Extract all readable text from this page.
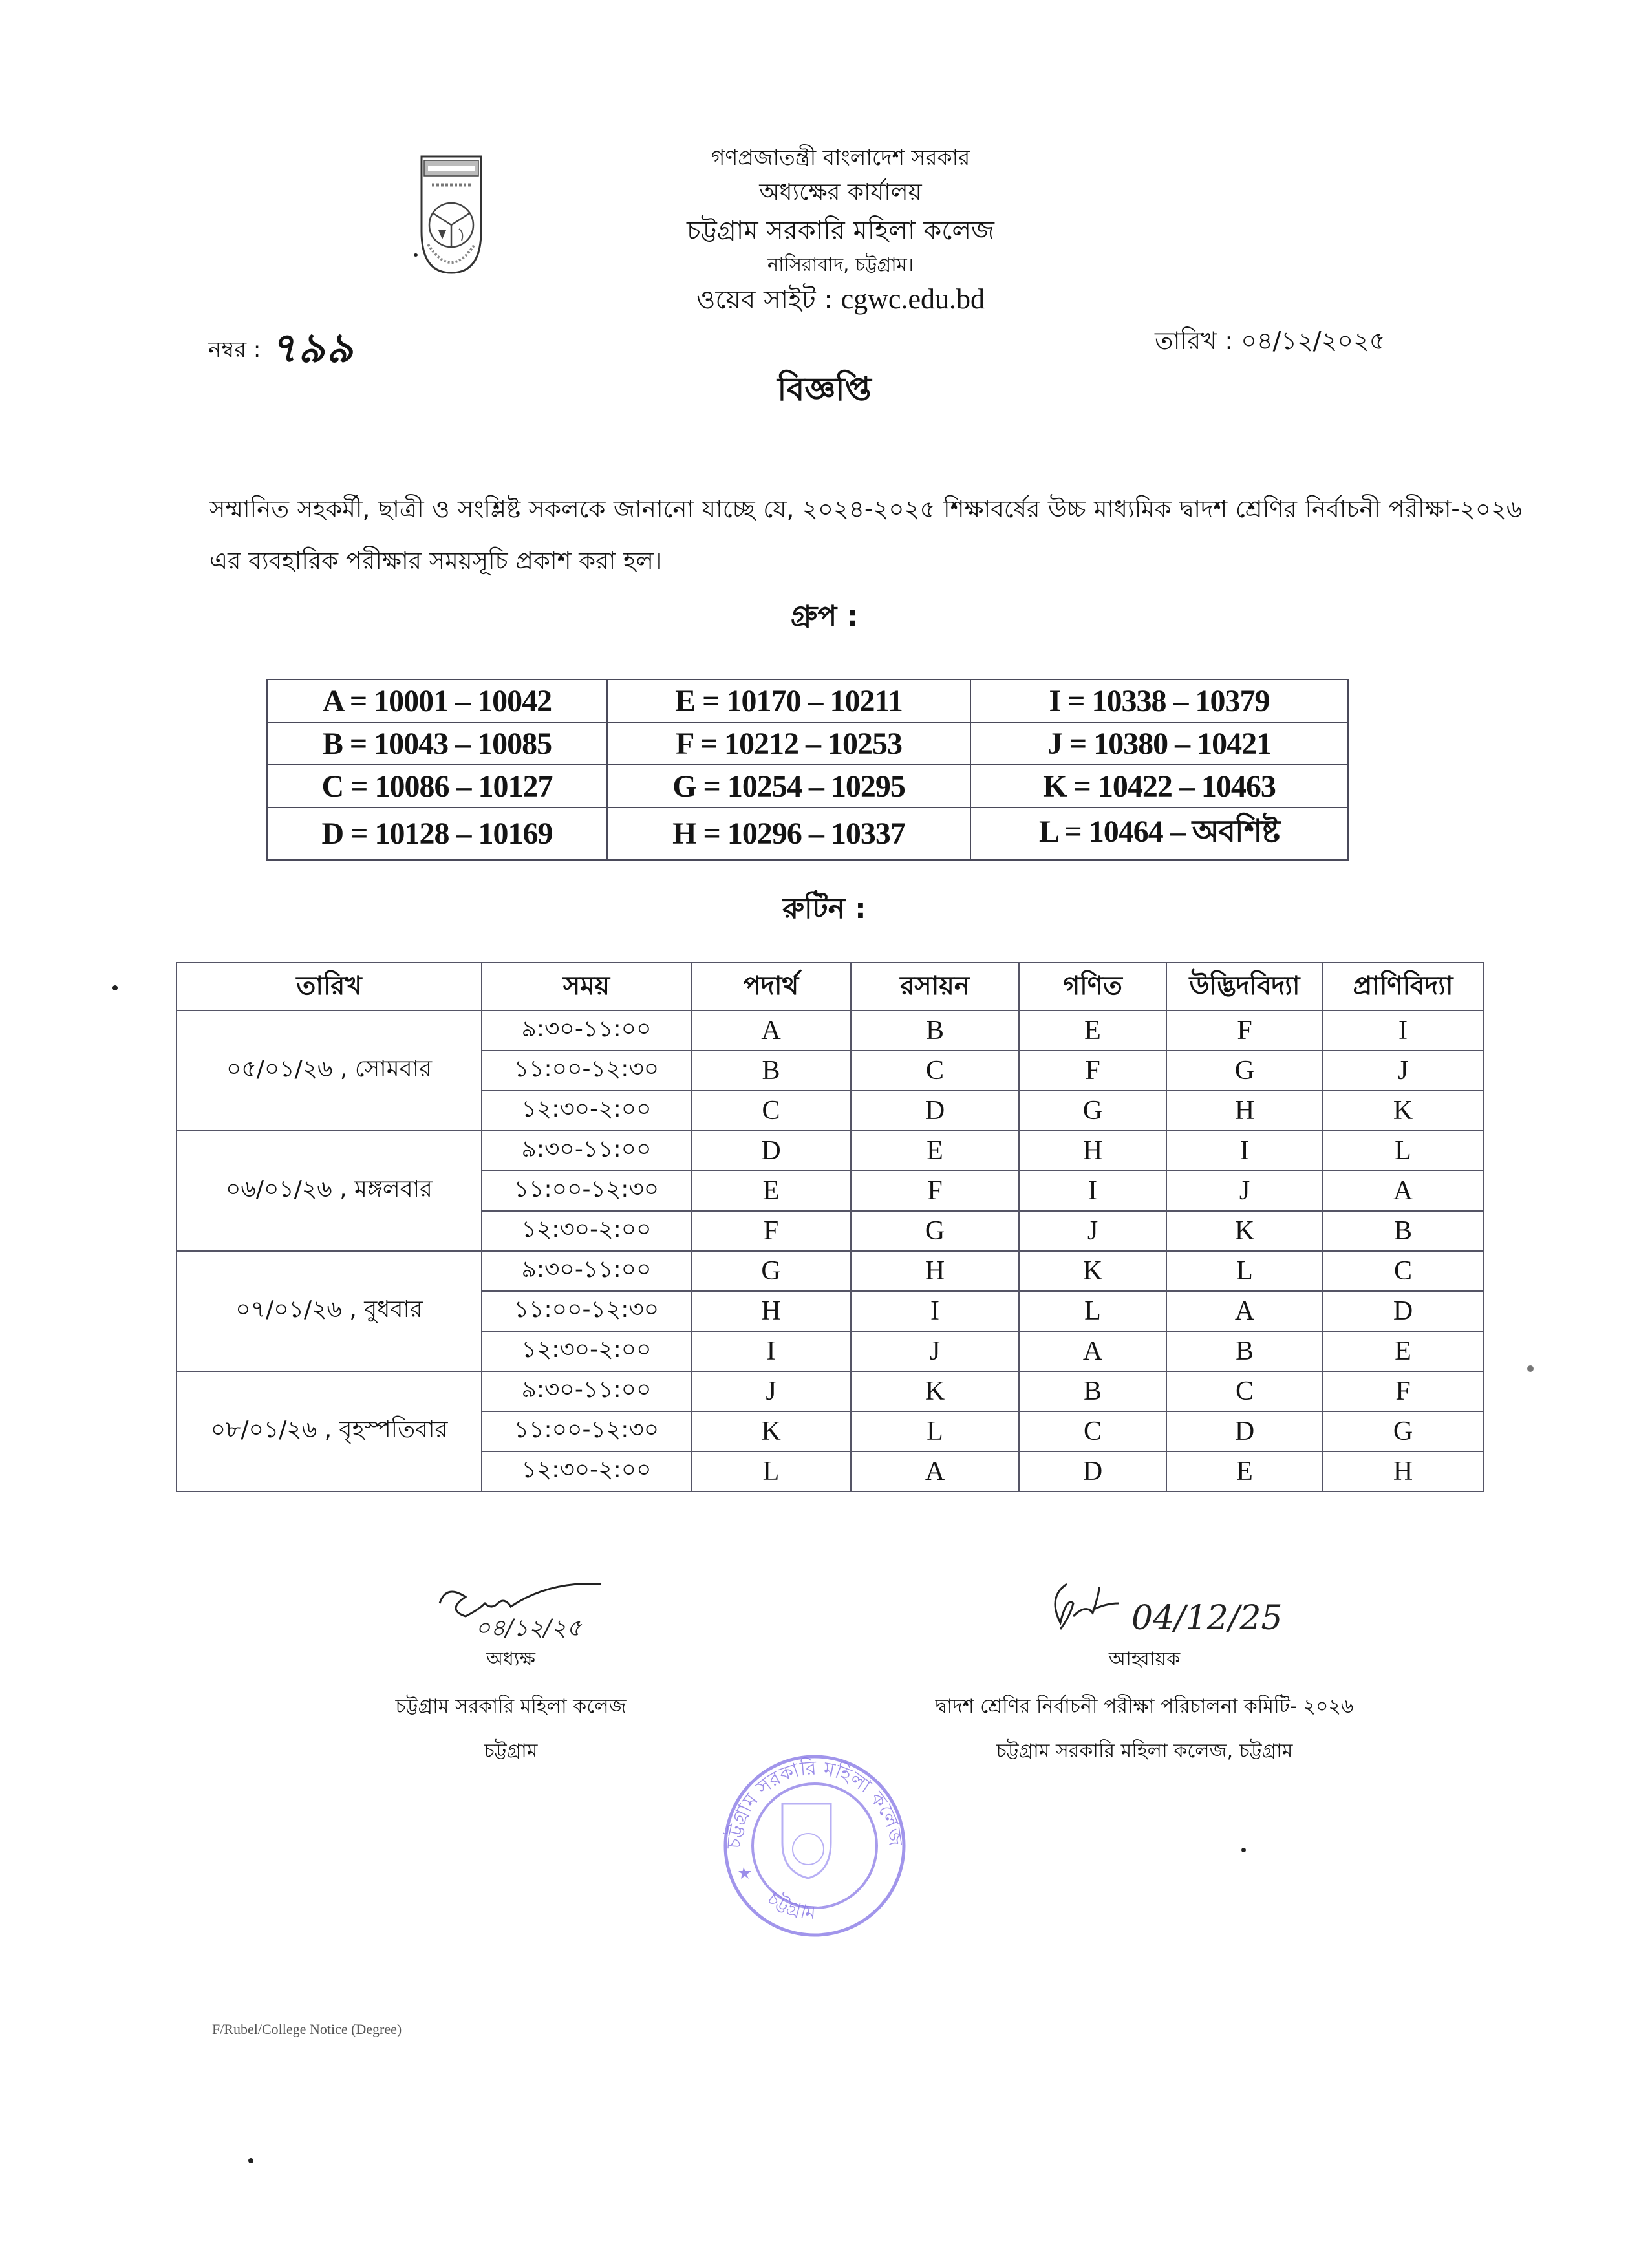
গণপ্রজাতন্ত্রী বাংলাদেশ সরকার
অধ্যক্ষের কার্যালয়
চট্টগ্রাম সরকারি মহিলা কলেজ
নাসিরাবাদ, চট্টগ্রাম।
ওয়েব সাইট : cgwc.edu.bd
নম্বর : ৭৯৯	তারিখ : ০৪/১২/২০২৫
বিজ্ঞপ্তি
সম্মানিত সহকর্মী, ছাত্রী ও সংশ্লিষ্ট সকলকে জানানো যাচ্ছে যে, ২০২৪-২০২৫ শিক্ষাবর্ষের উচ্চ মাধ্যমিক দ্বাদশ শ্রেণির নির্বাচনী পরীক্ষা-২০২৬ এর ব্যবহারিক পরীক্ষার সময়সূচি প্রকাশ করা হল।
গ্রুপ :
A = 10001 – 10042	E = 10170 – 10211	I = 10338 – 10379
B = 10043 – 10085	F = 10212 – 10253	J = 10380 – 10421
C = 10086 – 10127	G = 10254 – 10295	K = 10422 – 10463
D = 10128 – 10169	H = 10296 – 10337	L = 10464 – অবশিষ্ট
রুটিন :
তারিখ	সময়	পদার্থ	রসায়ন	গণিত	উদ্ভিদবিদ্যা	প্রাণিবিদ্যা
০৫/০১/২৬ , সোমবার	৯:৩০-১১:০০	A	B	E	F	I
	১১:০০-১২:৩০	B	C	F	G	J
	১২:৩০-২:০০	C	D	G	H	K
০৬/০১/২৬ , মঙ্গলবার	৯:৩০-১১:০০	D	E	H	I	L
	১১:০০-১২:৩০	E	F	I	J	A
	১২:৩০-২:০০	F	G	J	K	B
০৭/০১/২৬ , বুধবার	৯:৩০-১১:০০	G	H	K	L	C
	১১:০০-১২:৩০	H	I	L	A	D
	১২:৩০-২:০০	I	J	A	B	E
০৮/০১/২৬ , বৃহস্পতিবার	৯:৩০-১১:০০	J	K	B	C	F
	১১:০০-১২:৩০	K	L	C	D	G
	১২:৩০-২:০০	L	A	D	E	H
০৪/১২/২৫
অধ্যক্ষ
চট্টগ্রাম সরকারি মহিলা কলেজ
চট্টগ্রাম
04/12/25
আহ্বায়ক
দ্বাদশ শ্রেণির নির্বাচনী পরীক্ষা পরিচালনা কমিটি- ২০২৬
চট্টগ্রাম সরকারি মহিলা কলেজ, চট্টগ্রাম
চট্টগ্রাম সরকারি মহিলা কলেজ
চট্টগ্রাম
F/Rubel/College Notice (Degree)
